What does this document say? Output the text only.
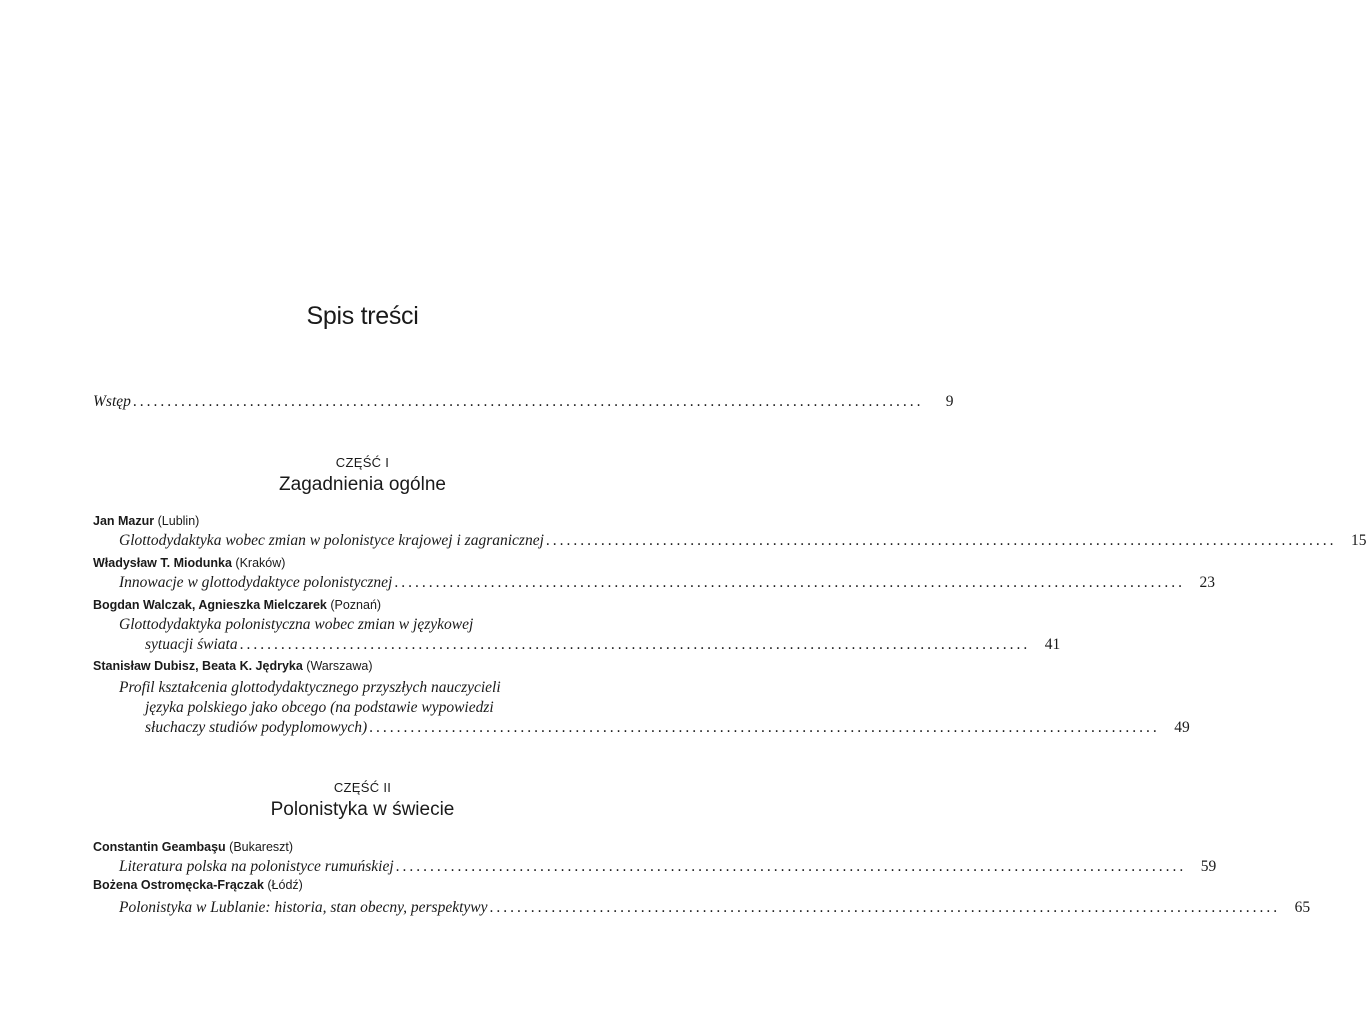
Spis treści
Wstęp ...................................................................................................................	9
CZĘŚĆ I
Zagadnienia ogólne
Jan Mazur (Lublin)
Glottodydaktyka wobec zmian w polonistyce krajowej i zagranicznej ................................................................................................................... 15
Władysław T. Miodunka (Kraków)
Innowacje w glottodydaktyce polonistycznej ................................................................................................................... 23
Bogdan Walczak, Agnieszka Mielczarek (Poznań)
Glottodydaktyka polonistyczna wobec zmian w językowej
sytuacji świata ................................................................................................................... 41
Stanisław Dubisz, Beata K. Jędryka (Warszawa)
Profil kształcenia glottodydaktycznego przyszłych nauczycieli
języka polskiego jako obcego (na podstawie wypowiedzi
słuchaczy studiów podyplomowych) ................................................................................................................... 49
CZĘŚĆ II
Polonistyka w świecie
Constantin Geambaşu (Bukareszt)
Literatura polska na polonistyce rumuńskiej ................................................................................................................... 59
Bożena Ostromęcka-Frączak (Łódź)
Polonistyka w Lublanie: historia, stan obecny, perspektywy ................................................................................................................... 65
